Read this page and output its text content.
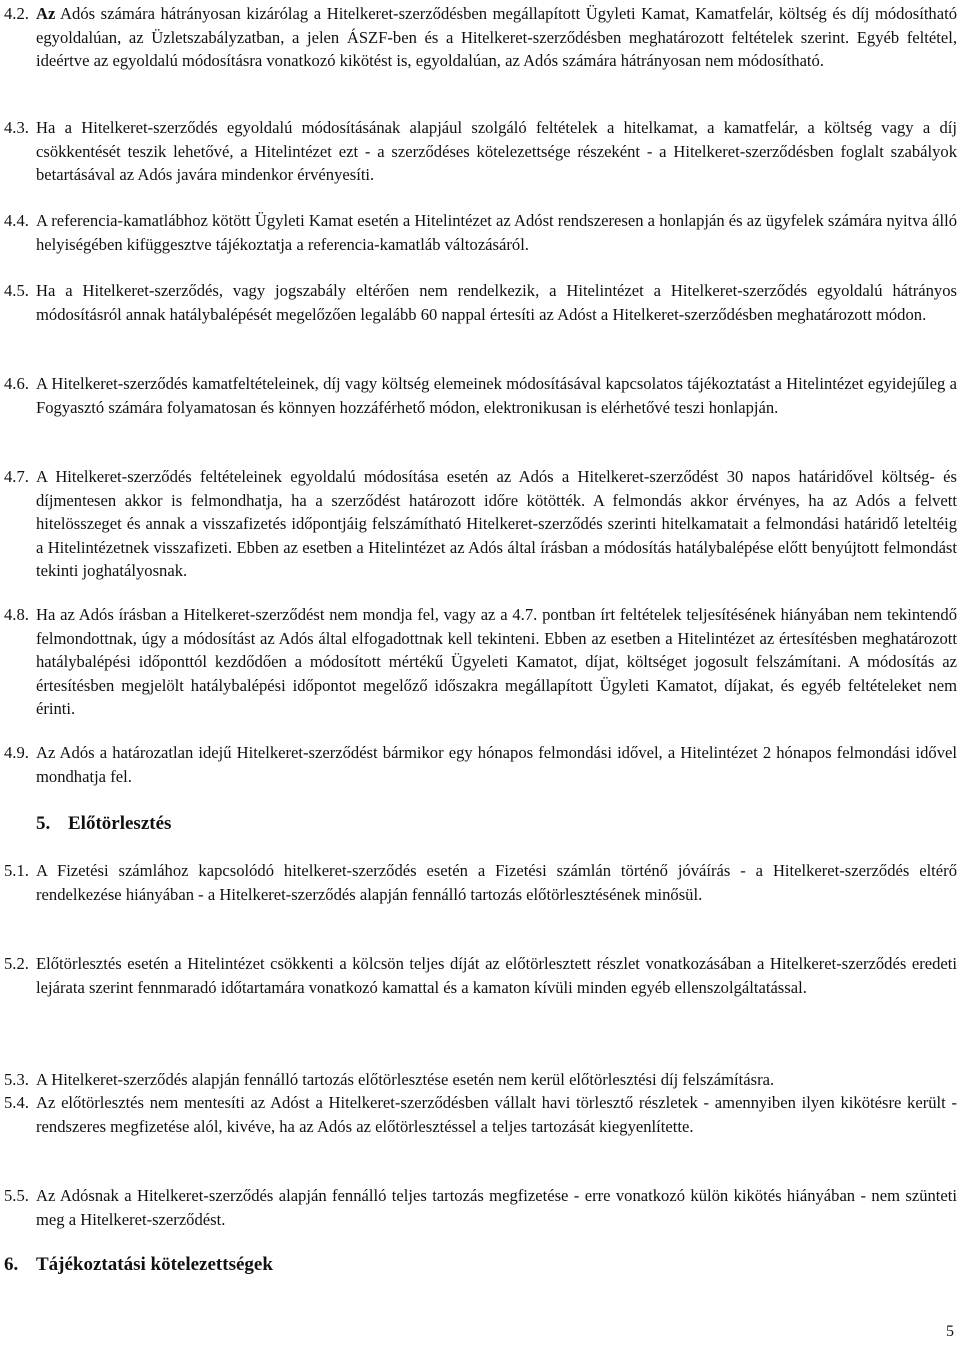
4.2. Az Adós számára hátrányosan kizárólag a Hitelkeret-szerződésben megállapított Ügyleti Kamat, Kamatfelár, költség és díj módosítható egyoldalúan, az Üzletszabályzatban, a jelen ÁSZF-ben és a Hitelkeret-szerződésben meghatározott feltételek szerint. Egyéb feltétel, ideértve az egyoldalú módosításra vonatkozó kikötést is, egyoldalúan, az Adós számára hátrányosan nem módosítható.
4.3. Ha a Hitelkeret-szerződés egyoldalú módosításának alapjául szolgáló feltételek a hitelkamat, a kamatfelár, a költség vagy a díj csökkentését teszik lehetővé, a Hitelintézet ezt - a szerződéses kötelezettsége részeként - a Hitelkeret-szerződésben foglalt szabályok betartásával az Adós javára mindenkor érvényesíti.
4.4. A referencia-kamatlábhoz kötött Ügyleti Kamat esetén a Hitelintézet az Adóst rendszeresen a honlapján és az ügyfelek számára nyitva álló helyiségében kifüggesztve tájékoztatja a referencia-kamatláb változásáról.
4.5. Ha a Hitelkeret-szerződés, vagy jogszabály eltérően nem rendelkezik, a Hitelintézet a Hitelkeret-szerződés egyoldalú hátrányos módosításról annak hatálybalépését megelőzően legalább 60 nappal értesíti az Adóst a Hitelkeret-szerződésben meghatározott módon.
4.6. A Hitelkeret-szerződés kamatfeltételeinek, díj vagy költség elemeinek módosításával kapcsolatos tájékoztatást a Hitelintézet egyidejűleg a Fogyasztó számára folyamatosan és könnyen hozzáférhető módon, elektronikusan is elérhetővé teszi honlapján.
4.7. A Hitelkeret-szerződés feltételeinek egyoldalú módosítása esetén az Adós a Hitelkeret-szerződést 30 napos határidővel költség- és díjmentesen akkor is felmondhatja, ha a szerződést határozott időre kötötték. A felmondás akkor érvényes, ha az Adós a felvett hitelösszeget és annak a visszafizetés időpontjáig felszámítható Hitelkeret-szerződés szerinti hitelkamatait a felmondási határidő leteltéig a Hitelintézetnek visszafizeti. Ebben az esetben a Hitelintézet az Adós által írásban a módosítás hatálybalépése előtt benyújtott felmondást tekinti joghatályosnak.
4.8. Ha az Adós írásban a Hitelkeret-szerződést nem mondja fel, vagy az a 4.7. pontban írt feltételek teljesítésének hiányában nem tekintendő felmondottnak, úgy a módosítást az Adós által elfogadottnak kell tekinteni. Ebben az esetben a Hitelintézet az értesítésben meghatározott hatálybalépési időponttól kezdődően a módosított mértékű Ügyeleti Kamatot, díjat, költséget jogosult felszámítani. A módosítás az értesítésben megjelölt hatálybalépési időpontot megelőző időszakra megállapított Ügyleti Kamatot, díjakat, és egyéb feltételeket nem érinti.
4.9. Az Adós a határozatlan idejű Hitelkeret-szerződést bármikor egy hónapos felmondási idővel, a Hitelintézet 2 hónapos felmondási idővel mondhatja fel.
5. Előtörlesztés
5.1. A Fizetési számlához kapcsolódó hitelkeret-szerződés esetén a Fizetési számlán történő jóváírás - a Hitelkeret-szerződés eltérő rendelkezése hiányában - a Hitelkeret-szerződés alapján fennálló tartozás előtörlesztésének minősül.
5.2. Előtörlesztés esetén a Hitelintézet csökkenti a kölcsön teljes díját az előtörlesztett részlet vonatkozásában a Hitelkeret-szerződés eredeti lejárata szerint fennmaradó időtartamára vonatkozó kamattal és a kamaton kívüli minden egyéb ellenszolgáltatással.
5.3. A Hitelkeret-szerződés alapján fennálló tartozás előtörlesztése esetén nem kerül előtörlesztési díj felszámításra.
5.4. Az előtörlesztés nem mentesíti az Adóst a Hitelkeret-szerződésben vállalt havi törlesztő részletek - amennyiben ilyen kikötésre került - rendszeres megfizetése alól, kivéve, ha az Adós az előtörlesztéssel a teljes tartozását kiegyenlítette.
5.5. Az Adósnak a Hitelkeret-szerződés alapján fennálló teljes tartozás megfizetése - erre vonatkozó külön kikötés hiányában - nem szünteti meg a Hitelkeret-szerződést.
6. Tájékoztatási kötelezettségek
5
